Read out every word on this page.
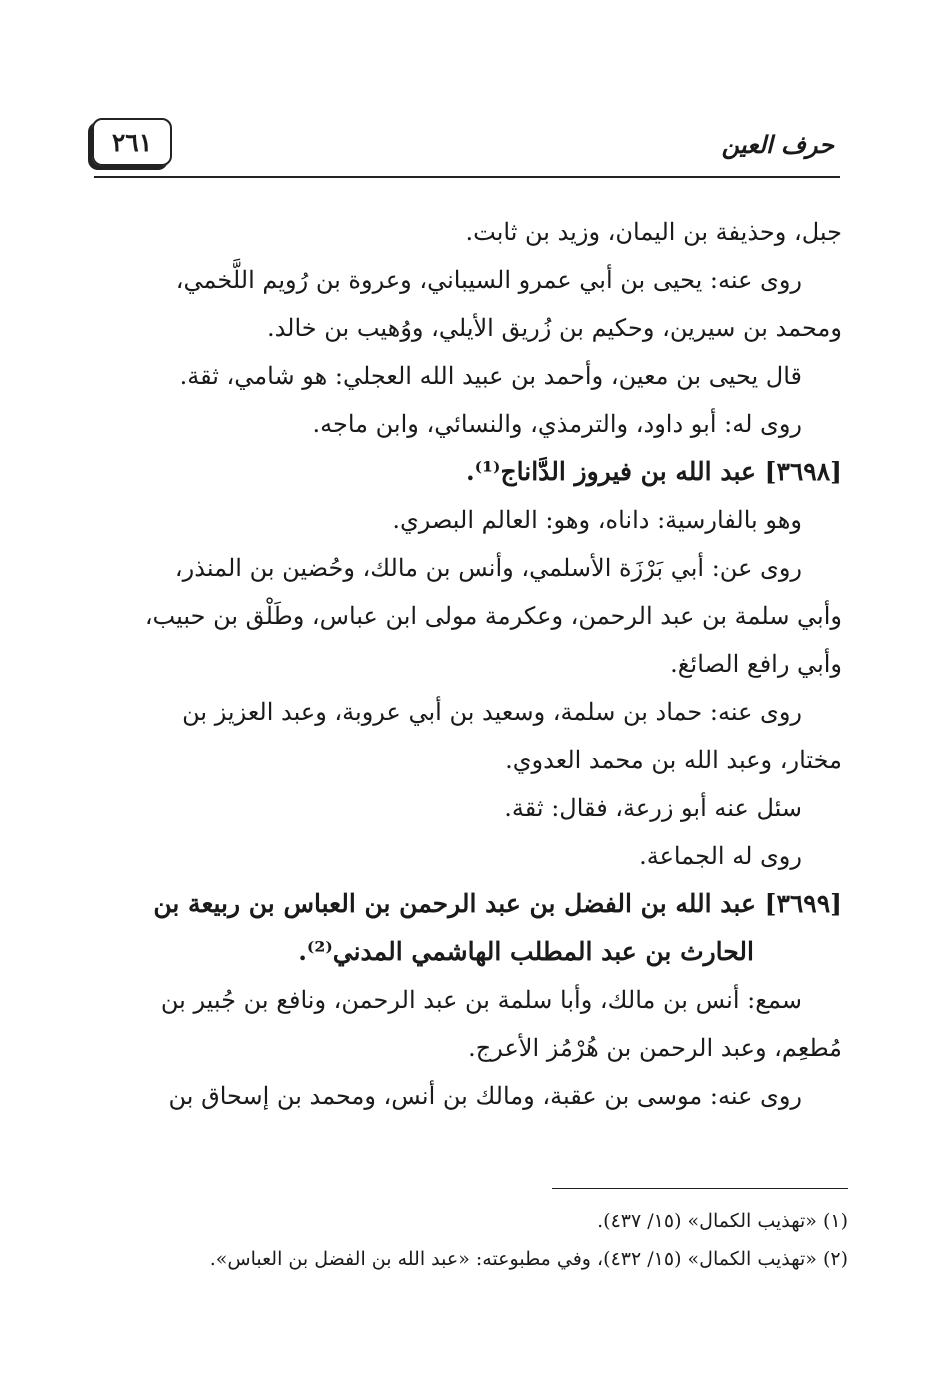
٢٦١	حرف العين

جبل، وحذيفة بن اليمان، وزيد بن ثابت.

روى عنه: يحيى بن أبي عمرو السيباني، وعروة بن رُويم اللَّخمي،

ومحمد بن سيرين، وحكيم بن زُريق الأيلي، ووُهيب بن خالد.

قال يحيى بن معين، وأحمد بن عبيد الله العجلي: هو شامي، ثقة.

روى له: أبو داود، والترمذي، والنسائي، وابن ماجه.

[٣٦٩٨] عبد الله بن فيروز الدَّاناج⁽¹⁾.

وهو بالفارسية: داناه، وهو: العالم البصري.

روى عن: أبي بَرْزَة الأسلمي، وأنس بن مالك، وحُضين بن المنذر،

وأبي سلمة بن عبد الرحمن، وعكرمة مولى ابن عباس، وطَلْق بن حبيب،

وأبي رافع الصائغ.

روى عنه: حماد بن سلمة، وسعيد بن أبي عروبة، وعبد العزيز بن

مختار، وعبد الله بن محمد العدوي.

سئل عنه أبو زرعة، فقال: ثقة.

روى له الجماعة.

[٣٦٩٩] عبد الله بن الفضل بن عبد الرحمن بن العباس بن ربيعة بن

الحارث بن عبد المطلب الهاشمي المدني⁽²⁾.

سمع: أنس بن مالك، وأبا سلمة بن عبد الرحمن، ونافع بن جُبير بن

مُطعِم، وعبد الرحمن بن هُرْمُز الأعرج.

روى عنه: موسى بن عقبة، ومالك بن أنس، ومحمد بن إسحاق بن

(١) «تهذيب الكمال» (١٥/ ٤٣٧).

(٢) «تهذيب الكمال» (١٥/ ٤٣٢)، وفي مطبوعته: «عبد الله بن الفضل بن العباس».
